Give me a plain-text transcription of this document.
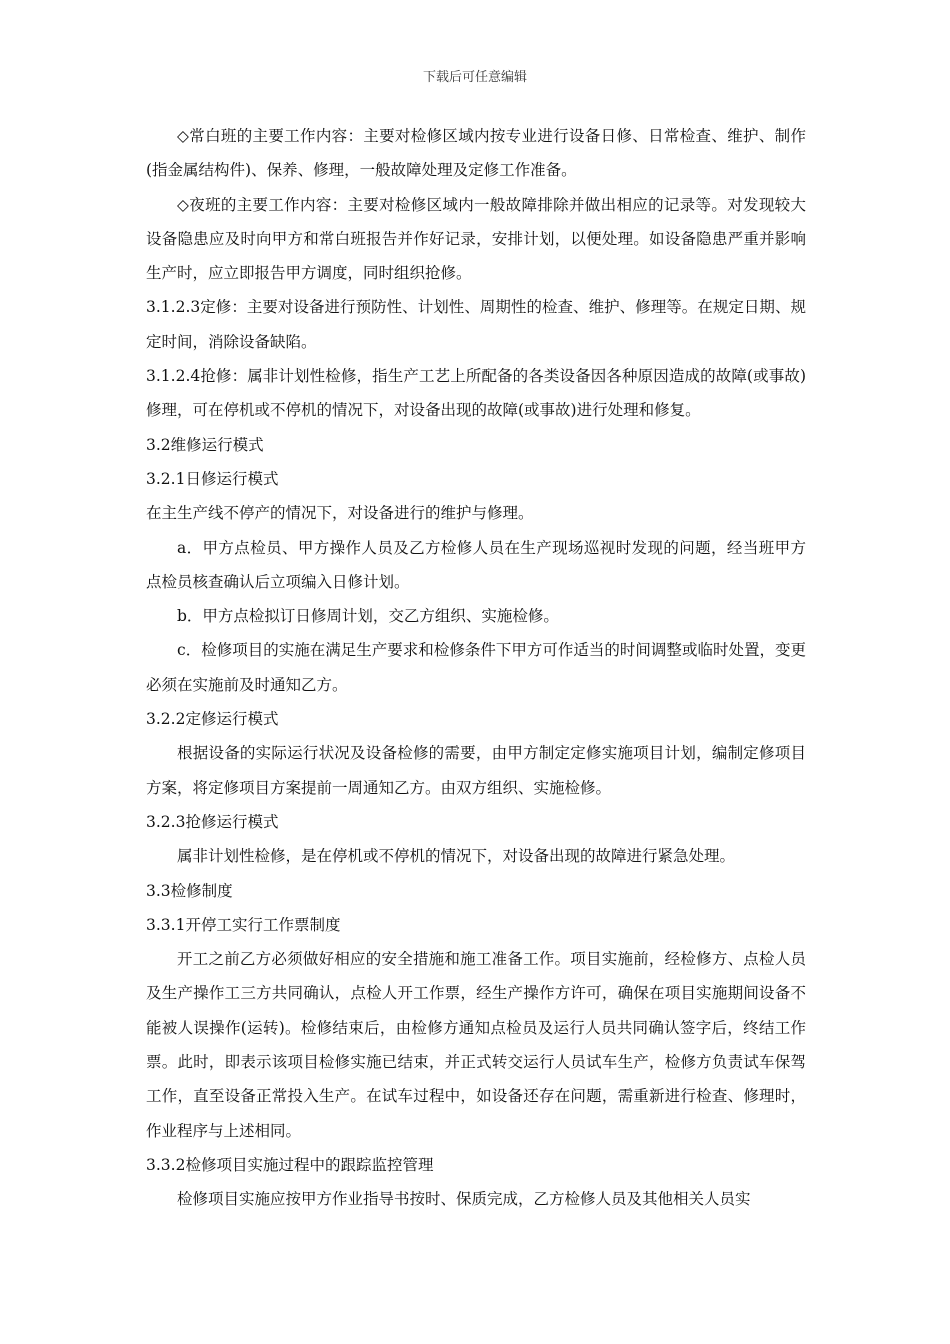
下载后可任意编辑

◇常白班的主要工作内容：主要对检修区域内按专业进行设备日修、日常检查、维护、制作(指金属结构件)、保养、修理，一般故障处理及定修工作准备。

◇夜班的主要工作内容：主要对检修区域内一般故障排除并做出相应的记录等。对发现较大设备隐患应及时向甲方和常白班报告并作好记录，安排计划，以便处理。如设备隐患严重并影响生产时，应立即报告甲方调度，同时组织抢修。

3.1.2.3定修：主要对设备进行预防性、计划性、周期性的检查、维护、修理等。在规定日期、规定时间，消除设备缺陷。

3.1.2.4抢修：属非计划性检修，指生产工艺上所配备的各类设备因各种原因造成的故障(或事故)修理，可在停机或不停机的情况下，对设备出现的故障(或事故)进行处理和修复。

3.2维修运行模式

3.2.1日修运行模式

在主生产线不停产的情况下，对设备进行的维护与修理。

a．甲方点检员、甲方操作人员及乙方检修人员在生产现场巡视时发现的问题，经当班甲方点检员核查确认后立项编入日修计划。

b．甲方点检拟订日修周计划，交乙方组织、实施检修。

c．检修项目的实施在满足生产要求和检修条件下甲方可作适当的时间调整或临时处置，变更必须在实施前及时通知乙方。

3.2.2定修运行模式

根据设备的实际运行状况及设备检修的需要，由甲方制定定修实施项目计划，编制定修项目方案，将定修项目方案提前一周通知乙方。由双方组织、实施检修。

3.2.3抢修运行模式

属非计划性检修，是在停机或不停机的情况下，对设备出现的故障进行紧急处理。

3.3检修制度

3.3.1开停工实行工作票制度

开工之前乙方必须做好相应的安全措施和施工准备工作。项目实施前，经检修方、点检人员及生产操作工三方共同确认，点检人开工作票，经生产操作方许可，确保在项目实施期间设备不能被人误操作(运转)。检修结束后，由检修方通知点检员及运行人员共同确认签字后，终结工作票。此时，即表示该项目检修实施已结束，并正式转交运行人员试车生产，检修方负责试车保驾工作，直至设备正常投入生产。在试车过程中，如设备还存在问题，需重新进行检查、修理时，作业程序与上述相同。

3.3.2检修项目实施过程中的跟踪监控管理

检修项目实施应按甲方作业指导书按时、保质完成，乙方检修人员及其他相关人员实
